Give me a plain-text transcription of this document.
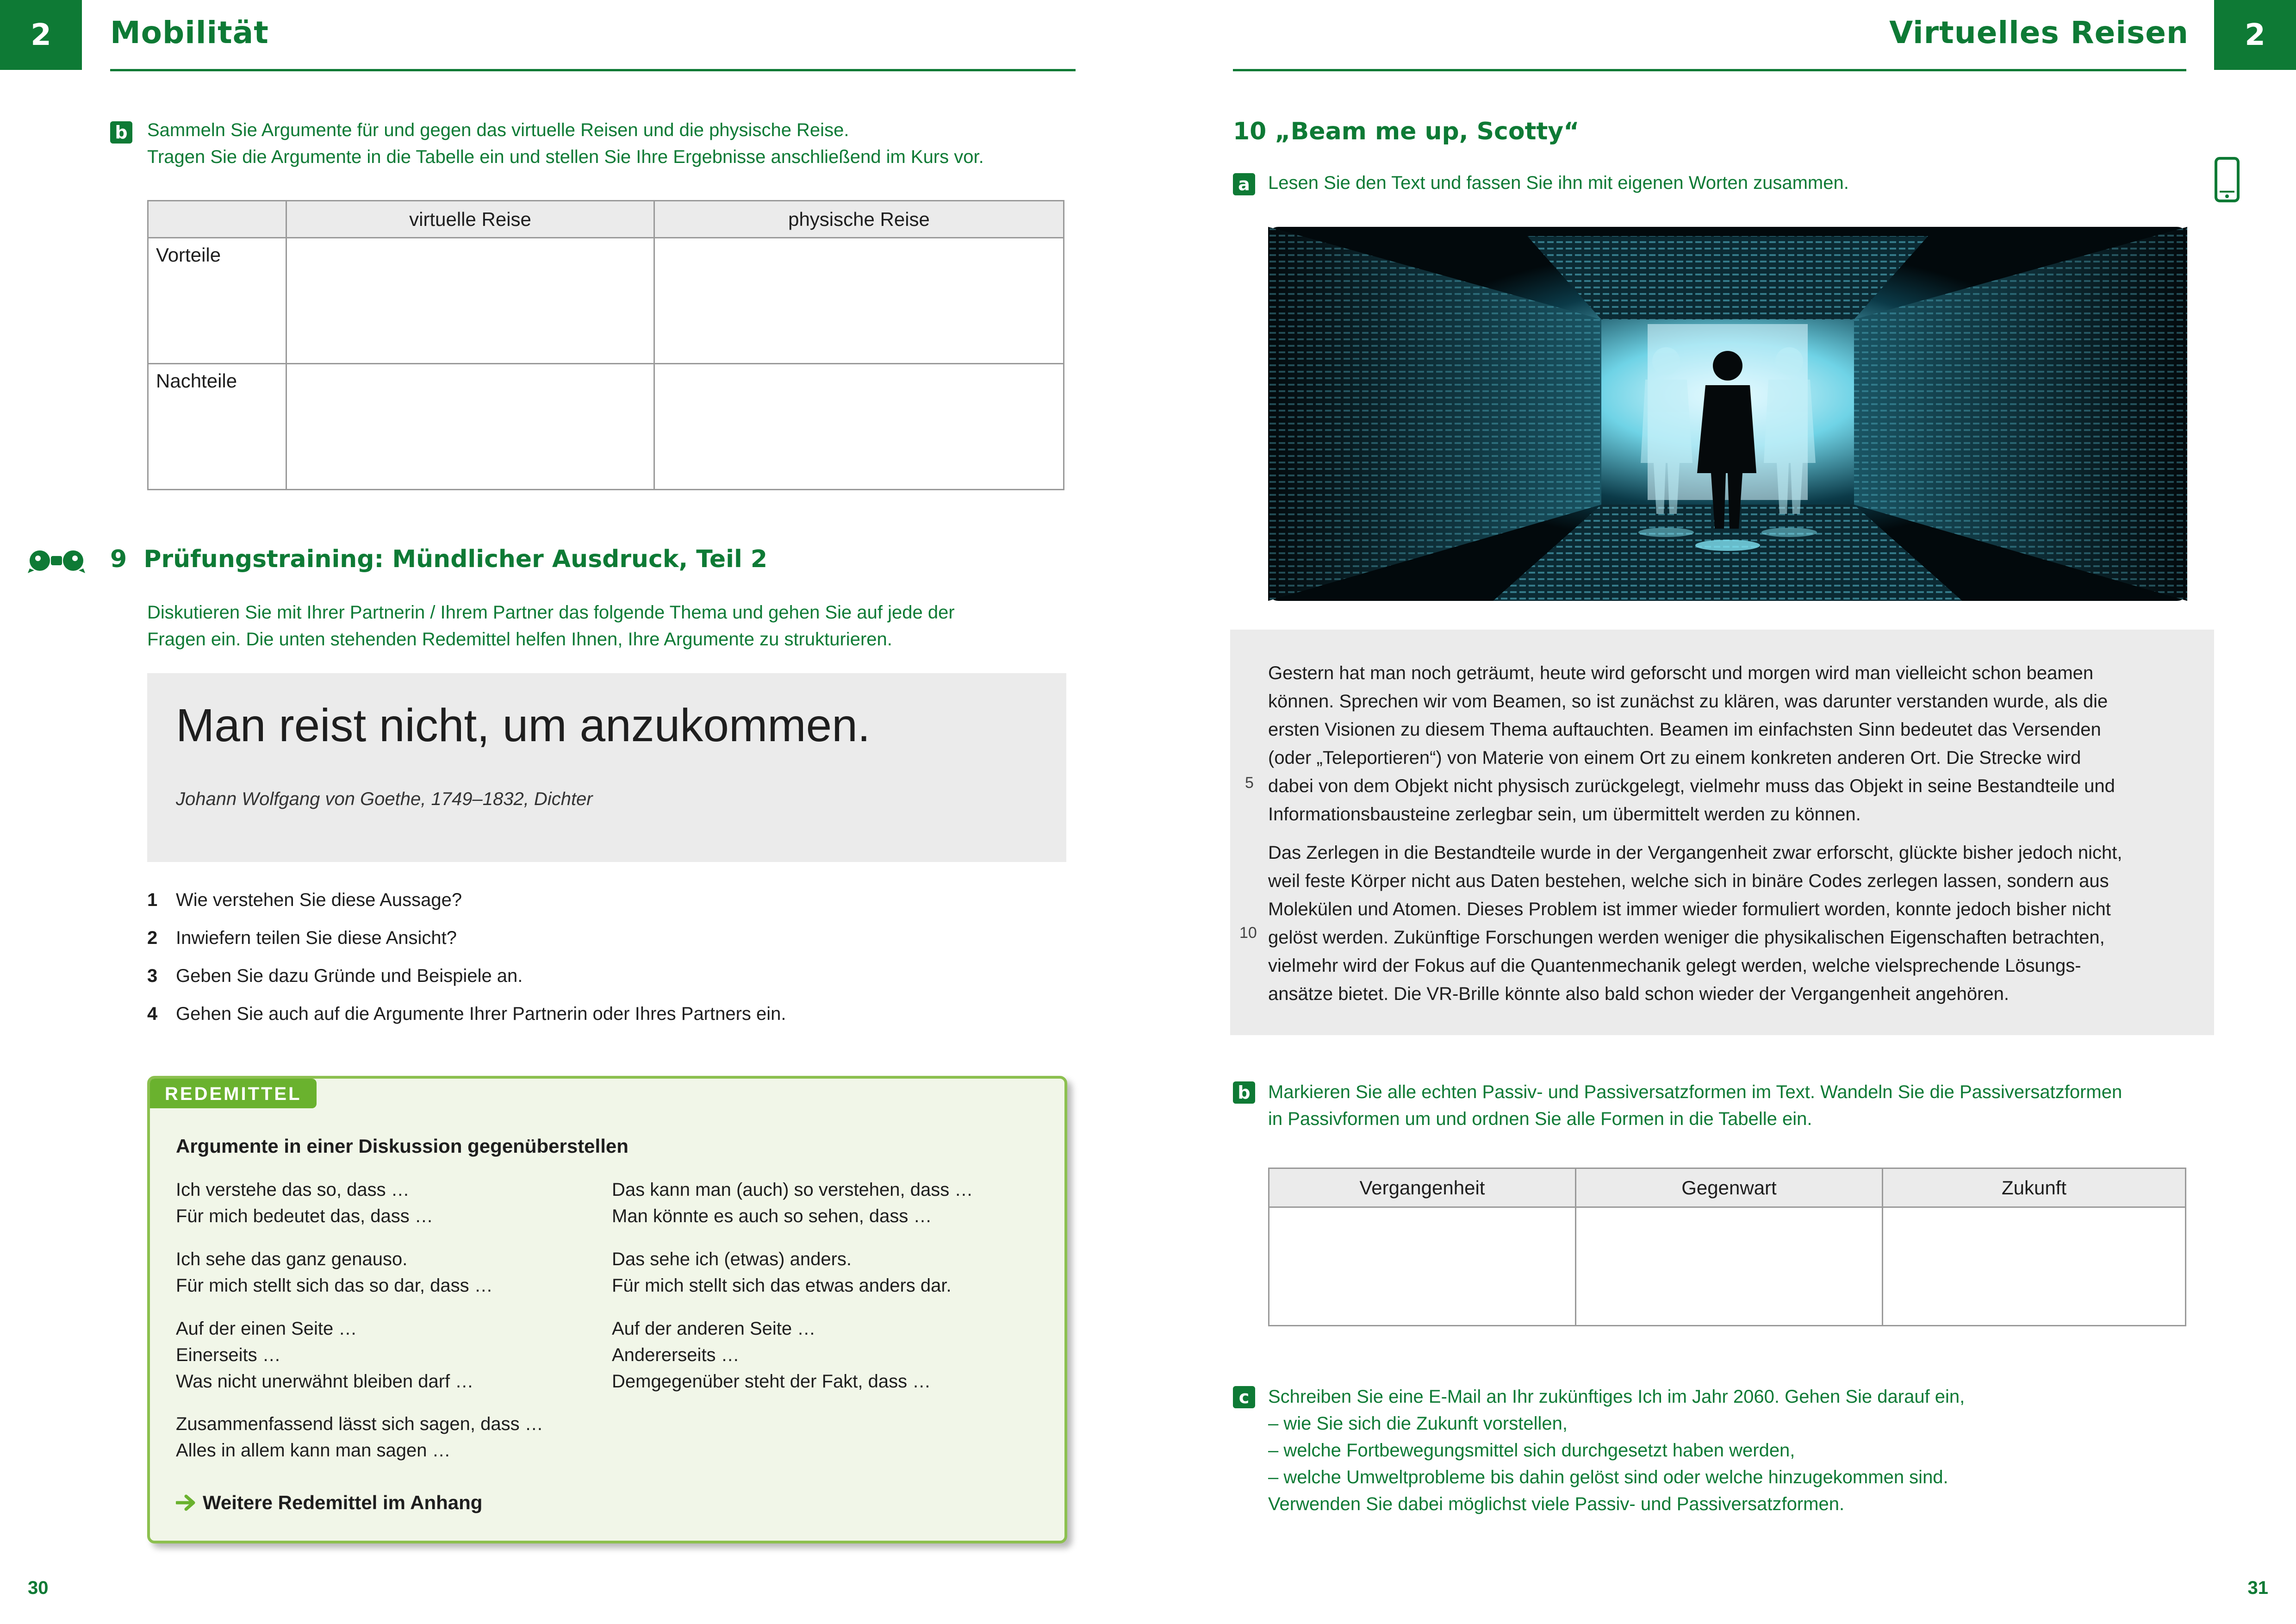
2	Mobilität
b Sammeln Sie Argumente für und gegen das virtuelle Reisen und die physische Reise.
Tragen Sie die Argumente in die Tabelle ein und stellen Sie Ihre Ergebnisse anschließend im Kurs vor.
	virtuelle Reise	physische Reise
Vorteile		
Nachteile		
9 Prüfungstraining: Mündlicher Ausdruck, Teil 2
Diskutieren Sie mit Ihrer Partnerin / Ihrem Partner das folgende Thema und gehen Sie auf jede der
Fragen ein. Die unten stehenden Redemittel helfen Ihnen, Ihre Argumente zu strukturieren.
Man reist nicht, um anzukommen.
Johann Wolfgang von Goethe, 1749–1832, Dichter
1 Wie verstehen Sie diese Aussage?
2 Inwiefern teilen Sie diese Ansicht?
3 Geben Sie dazu Gründe und Beispiele an.
4 Gehen Sie auch auf die Argumente Ihrer Partnerin oder Ihres Partners ein.
REDEMITTEL
Argumente in einer Diskussion gegenüberstellen
Ich verstehe das so, dass …
Für mich bedeutet das, dass …
Ich sehe das ganz genauso.
Für mich stellt sich das so dar, dass …
Auf der einen Seite …
Einerseits …
Was nicht unerwähnt bleiben darf …
Zusammenfassend lässt sich sagen, dass …
Alles in allem kann man sagen …
Das kann man (auch) so verstehen, dass …
Man könnte es auch so sehen, dass …
Das sehe ich (etwas) anders.
Für mich stellt sich das etwas anders dar.
Auf der anderen Seite …
Andererseits …
Demgegenüber steht der Fakt, dass …
Weitere Redemittel im Anhang
30
Virtuelles Reisen	2
10 „Beam me up, Scotty“
a Lesen Sie den Text und fassen Sie ihn mit eigenen Worten zusammen.
Gestern hat man noch geträumt, heute wird geforscht und morgen wird man vielleicht schon beamen
können. Sprechen wir vom Beamen, so ist zunächst zu klären, was darunter verstanden wurde, als die
ersten Visionen zu diesem Thema auftauchten. Beamen im einfachsten Sinn bedeutet das Versenden
(oder „Teleportieren“) von Materie von einem Ort zu einem konkreten anderen Ort. Die Strecke wird
dabei von dem Objekt nicht physisch zurückgelegt, vielmehr muss das Objekt in seine Bestandteile und
Informationsbausteine zerlegbar sein, um übermittelt werden zu können.
Das Zerlegen in die Bestandteile wurde in der Vergangenheit zwar erforscht, glückte bisher jedoch nicht,
weil feste Körper nicht aus Daten bestehen, welche sich in binäre Codes zerlegen lassen, sondern aus
Molekülen und Atomen. Dieses Problem ist immer wieder formuliert worden, konnte jedoch bisher nicht
gelöst werden. Zukünftige Forschungen werden weniger die physikalischen Eigenschaften betrachten,
vielmehr wird der Fokus auf die Quantenmechanik gelegt werden, welche vielsprechende Lösungs-
ansätze bietet. Die VR-Brille könnte also bald schon wieder der Vergangenheit angehören.
5
10
b Markieren Sie alle echten Passiv- und Passiversatzformen im Text. Wandeln Sie die Passiversatzformen
in Passivformen um und ordnen Sie alle Formen in die Tabelle ein.
Vergangenheit	Gegenwart	Zukunft

c	Schreiben Sie eine E-Mail an Ihr zukünftiges Ich im Jahr 2060. Gehen Sie darauf ein,
– wie Sie sich die Zukunft vorstellen,
– welche Fortbewegungsmittel sich durchgesetzt haben werden,
– welche Umweltprobleme bis dahin gelöst sind oder welche hinzugekommen sind.
Verwenden Sie dabei möglichst viele Passiv- und Passiversatzformen.
31
